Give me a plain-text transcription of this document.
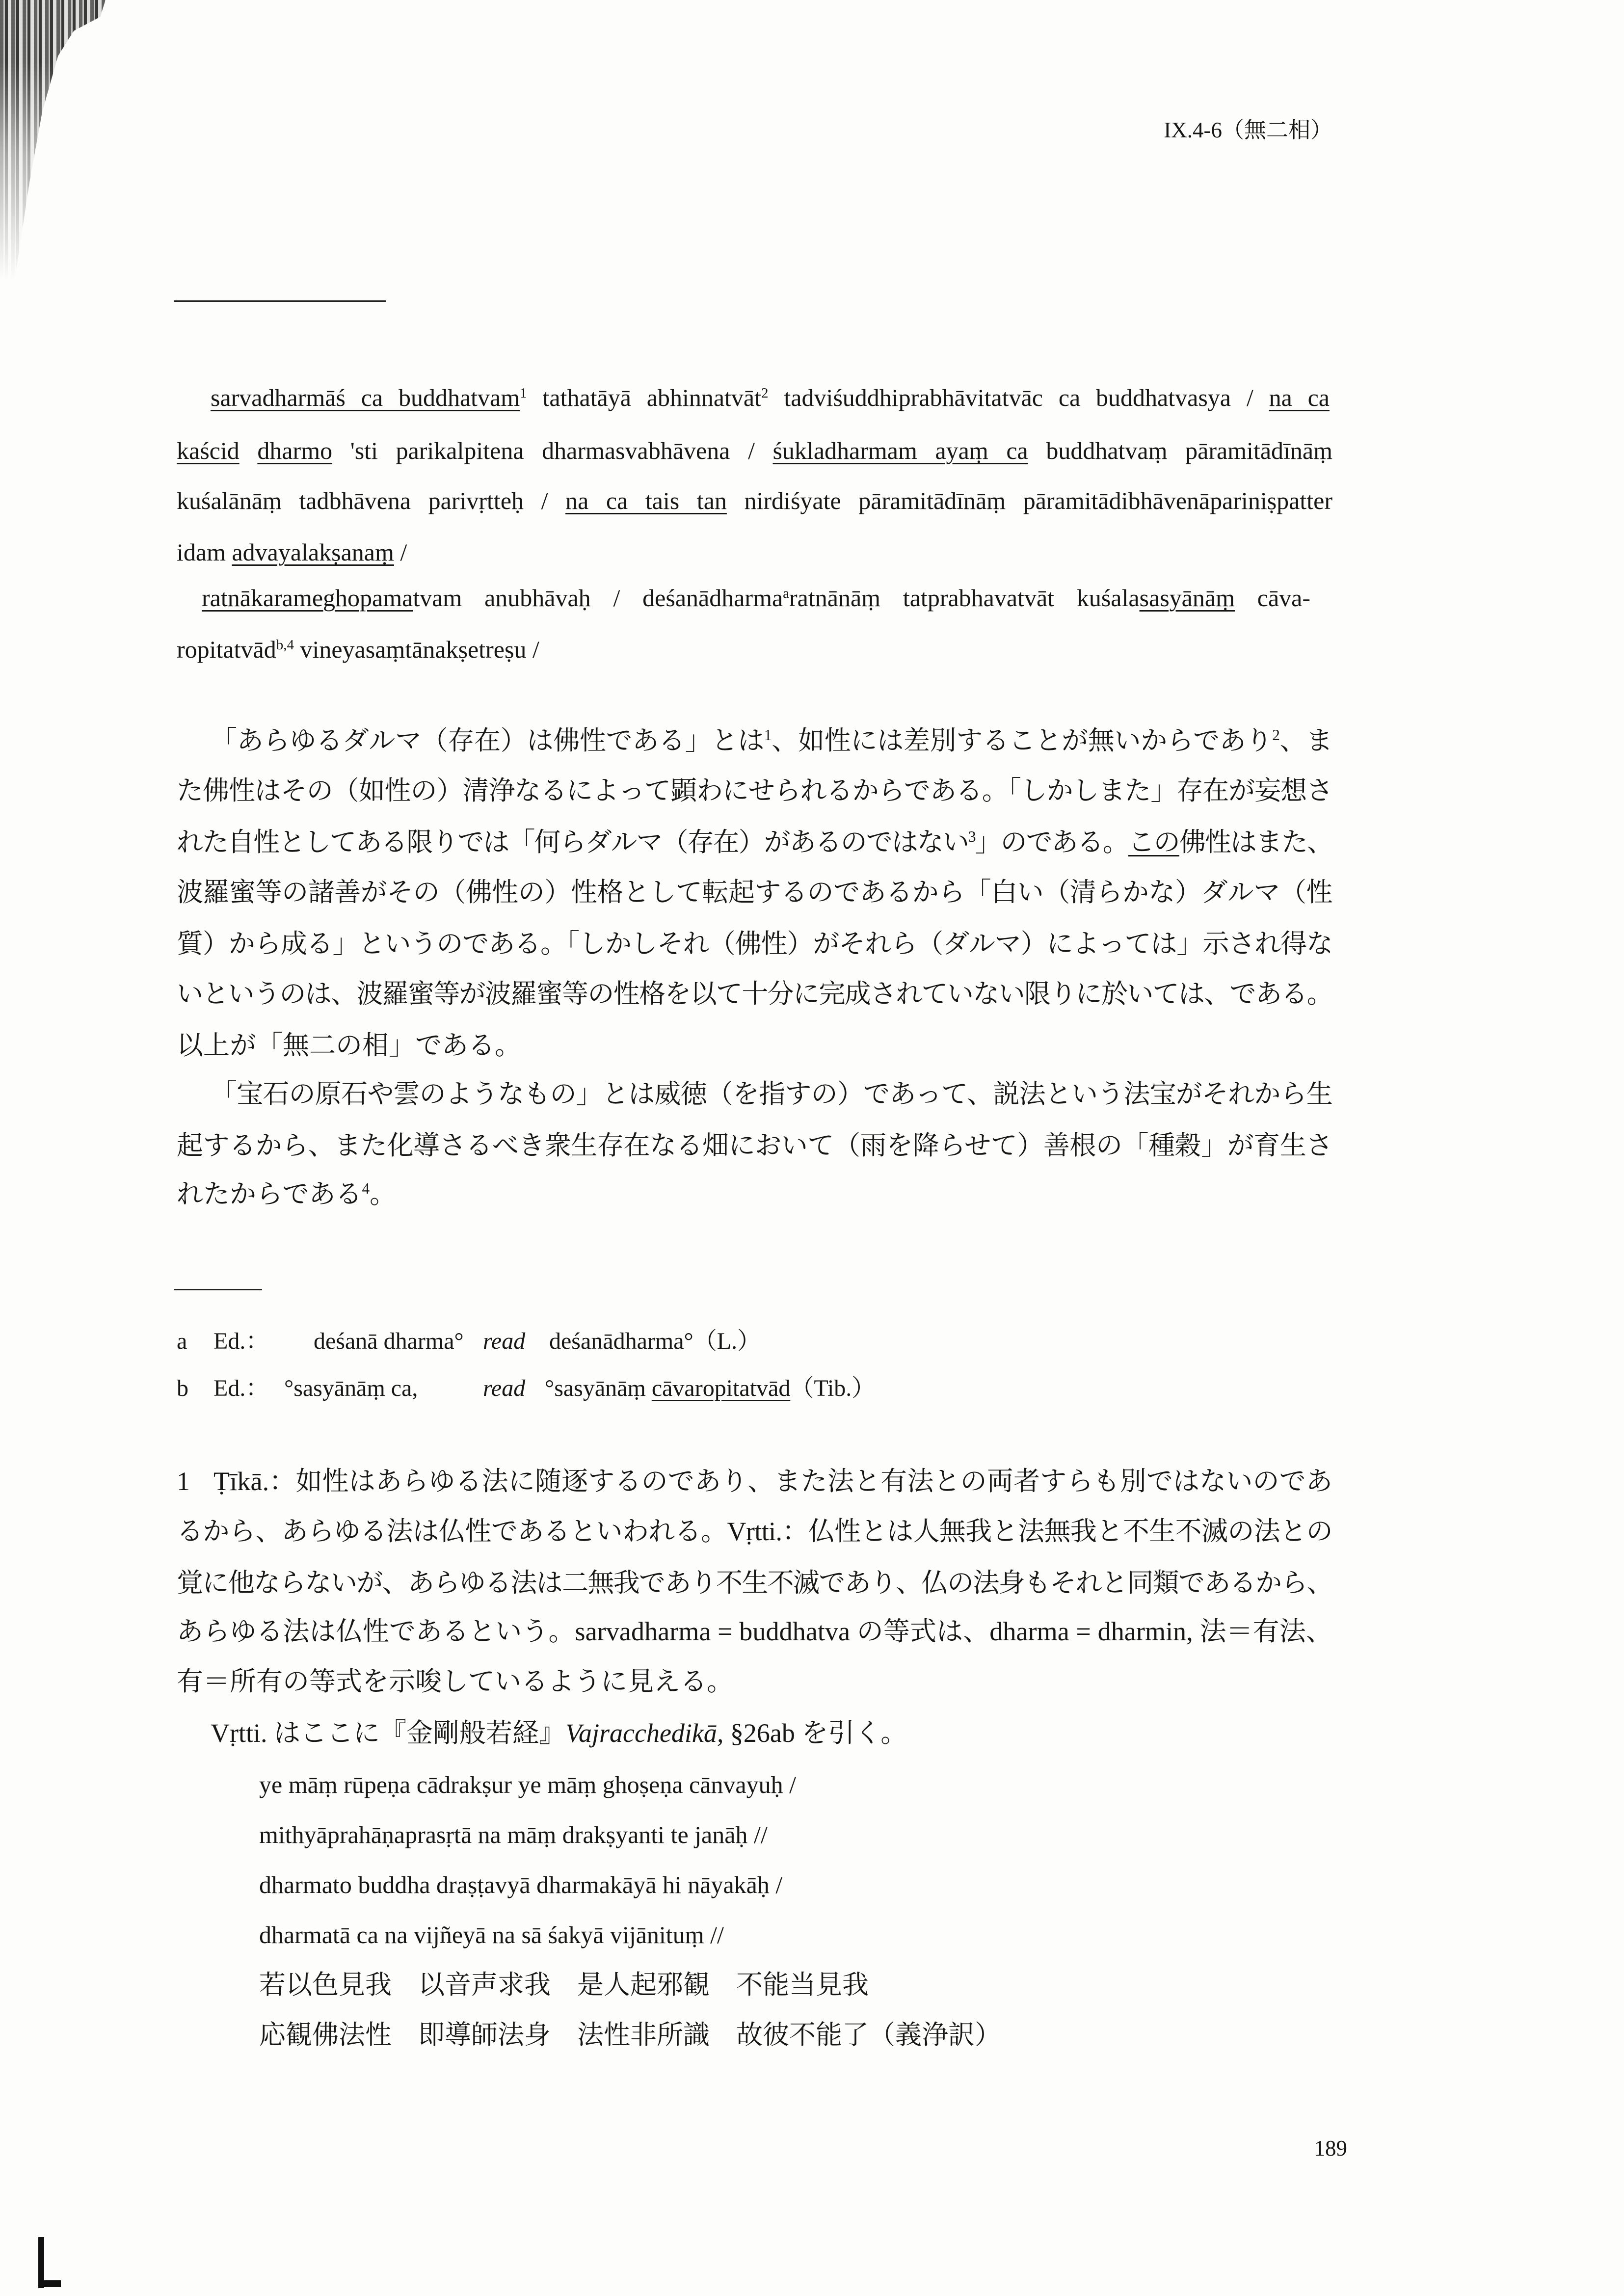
IX.4-6（無二相）
sarvadharmāś ca buddhatvam$^1$ tathatāyā abhinnatvāt$^2$ tadviśuddhiprabhāvitatvāc ca buddhatvasya / na ca
kaścid dharmo 'sti parikalpitena dharmasvabhāvena / śukladharmam ayaṃ ca buddhatvaṃ pāramitādīnāṃ
kuśalānāṃ tadbhāvena parivṛtteḥ / na ca tais tan nirdiśyate pāramitādīnāṃ pāramitādibhāvenāpariniṣpatter
idam advayalakṣanaṃ /
ratnākarameghopamatvam anubhāvaḥ / deśanādharma$^a$ratnānāṃ tatprabhavatvāt kuśalasasyānāṃ cāva-
ropitatvād$^{b,4}$ vineyasaṃtānakṣetreṣu /
「あらゆるダルマ（存在）は佛性である」とは$^1$、如性には差別することが無いからであり$^2$、ま
た佛性はその（如性の）清浄なるによって顕わにせられるからである。「しかしまた」存在が妄想さ
れた自性としてある限りでは「何らダルマ（存在）があるのではない$^3$」のである。この佛性はまた、
波羅蜜等の諸善がその（佛性の）性格として転起するのであるから「白い（清らかな）ダルマ（性
質）から成る」というのである。「しかしそれ（佛性）がそれら（ダルマ）によっては」示され得な
いというのは、波羅蜜等が波羅蜜等の性格を以て十分に完成されていない限りに於いては、である。
以上が「無二の相」である。
「宝石の原石や雲のようなもの」とは威徳（を指すの）であって、説法という法宝がそれから生
起するから、また化導さるべき衆生存在なる畑において（雨を降らせて）善根の「種穀」が育生さ
れたからである$^4$。
a Ed.： deśanā dharma° read deśanādharma°（L.）
b Ed.： °sasyānāṃ ca,	read °sasyānāṃ cāvaropitatvād（Tib.）
1 Ṭīkā.：如性はあらゆる法に随逐するのであり、また法と有法との両者すらも別ではないのであ
るから、あらゆる法は仏性であるといわれる。Vṛtti.：仏性とは人無我と法無我と不生不滅の法との
覚に他ならないが、あらゆる法は二無我であり不生不滅であり、仏の法身もそれと同類であるから、
あらゆる法は仏性であるという。sarvadharma = buddhatva の等式は、dharma = dharmin, 法＝有法、
有＝所有の等式を示唆しているように見える。
Vṛtti. はここに『金剛般若経』Vajracchedikā, §26ab を引く。
ye māṃ rūpeṇa cādrakṣur ye māṃ ghoṣeṇa cānvayuḥ /
mithyāprahāṇaprasṛtā na māṃ drakṣyanti te janāḥ //
dharmato buddha draṣṭavyā dharmakāyā hi nāyakāḥ /
dharmatā ca na vijñeyā na sā śakyā vijānituṃ //
若以色見我　以音声求我　是人起邪観　不能当見我
応観佛法性　即導師法身　法性非所識　故彼不能了（義浄訳）
189
